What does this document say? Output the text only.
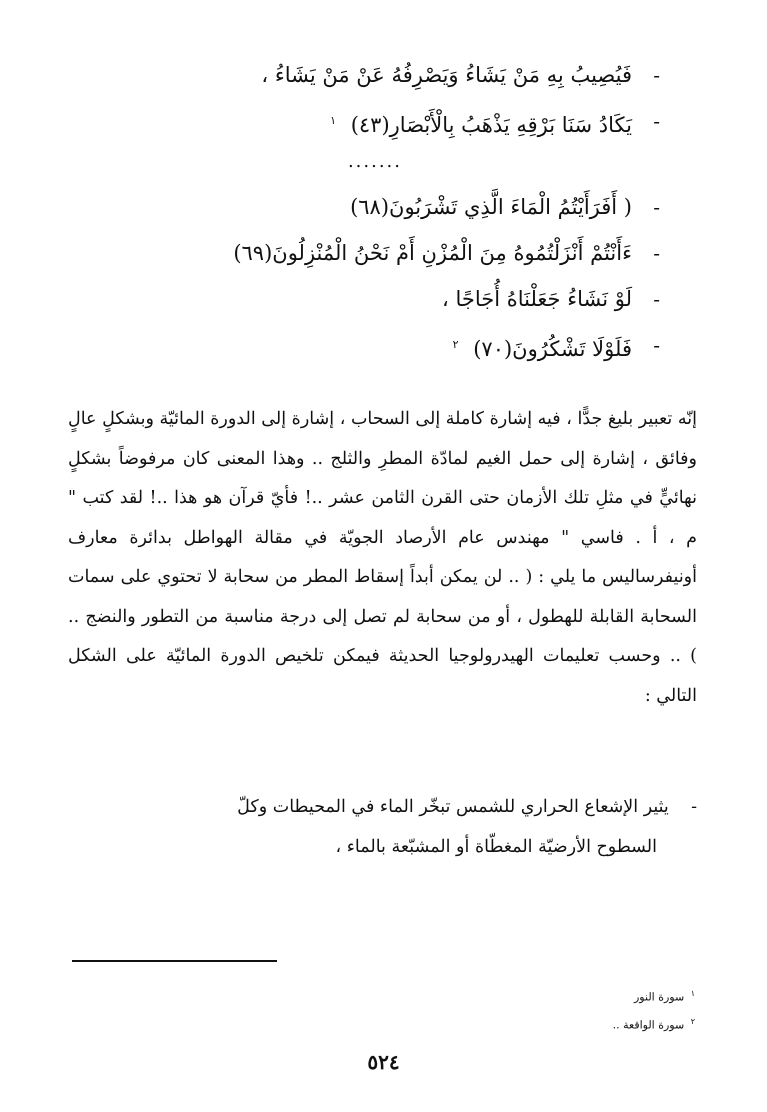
-
فَيُصِيبُ بِهِ مَنْ يَشَاءُ وَيَصْرِفُهُ عَنْ مَنْ يَشَاءُ ،
-
يَكَادُ سَنَا بَرْقِهِ يَذْهَبُ بِالْأَبْصَارِ(٤٣) $^١$
.......
-
( أَفَرَأَيْتُمُ الْمَاءَ الَّذِي تَشْرَبُونَ(٦٨)
-
ءَأَنْتُمْ أَنْزَلْتُمُوهُ مِنَ الْمُزْنِ أَمْ نَحْنُ الْمُنْزِلُونَ(٦٩)
-
لَوْ نَشَاءُ جَعَلْنَاهُ أُجَاجًا ،
-
فَلَوْلَا تَشْكُرُونَ(٧٠) $^٢$

إنّه تعبير بليغ جدًّا ، فيه إشارة كاملة إلى السحاب ، إشارة إلى الدورة المائيّة وبشكلٍ عالٍ وفائق ، إشارة إلى حمل الغيم لمادّة المطرِ والثلج .. وهذا المعنى كان مرفوضاً بشكلٍ نهائيٍّ في مثلِ تلك الأزمان حتى القرن الثامن عشر ..! فأيّ قرآن هو هذا ..! لقد كتب " م ، أ . فاسي " مهندس عام الأرصاد الجويّة في مقالة الهواطل بدائرة معارف أونيفرساليس ما يلي : ( .. لن يمكن أبداً إسقاط المطر من سحابة لا تحتوي على سمات السحابة القابلة للهطول ، أو من سحابة لم تصل إلى درجة مناسبة من التطور والنضج .. ) .. وحسب تعليمات الهيدرولوجيا الحديثة فيمكن تلخيص الدورة المائيّة على الشكل التالي :

-    يثير الإشعاع الحراري للشمس تبخّر الماء في المحيطات وكلّ
السطوح الأرضيّة المغطّاة أو المشبّعة بالماء ،

$^١$ سورة النور
$^٢$ سورة الواقعة ..
٥٢٤
